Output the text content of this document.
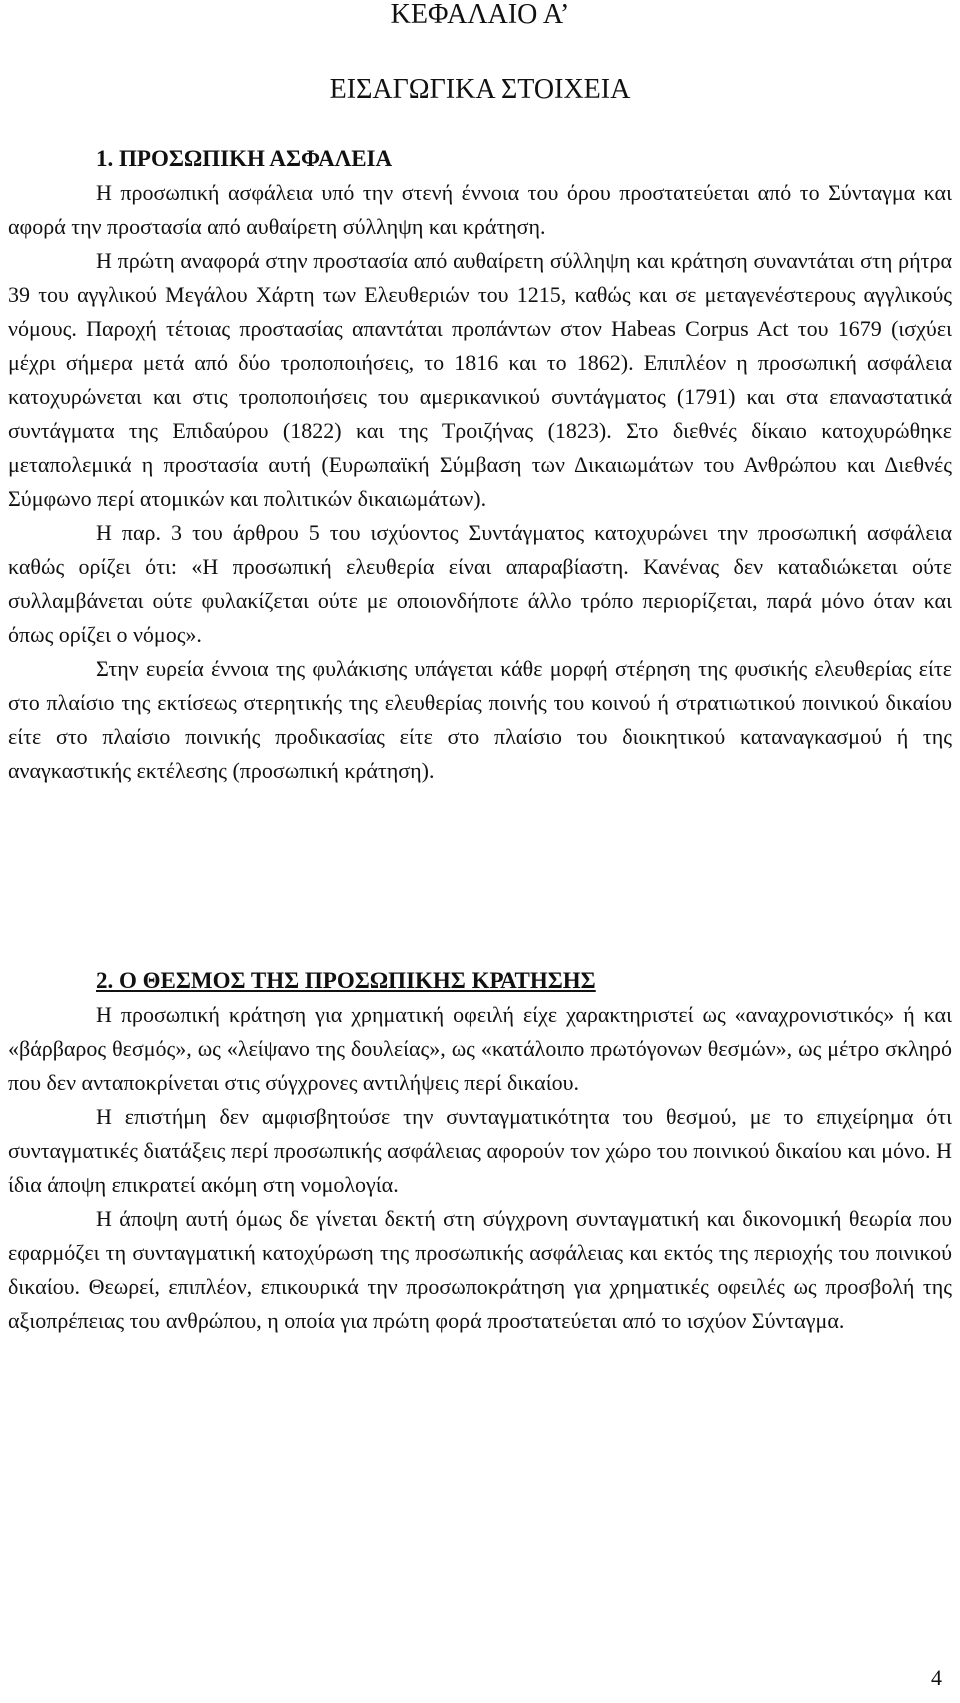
ΚΕΦΑΛΑΙΟ Α’
ΕΙΣΑΓΩΓΙΚΑ ΣΤΟΙΧΕΙΑ
1. ΠΡΟΣΩΠΙΚΗ ΑΣΦΑΛΕΙΑ

Η προσωπική ασφάλεια υπό την στενή έννοια του όρου προστατεύεται από το Σύνταγμα και αφορά την προστασία από αυθαίρετη σύλληψη και κράτηση.

Η πρώτη αναφορά στην προστασία από αυθαίρετη σύλληψη και κράτηση συναντάται στη ρήτρα 39 του αγγλικού Μεγάλου Χάρτη των Ελευθεριών του 1215, καθώς και σε μεταγενέστερους αγγλικούς νόμους. Παροχή τέτοιας προστασίας απαντάται προπάντων στον Habeas Corpus Act του 1679 (ισχύει μέχρι σήμερα μετά από δύο τροποποιήσεις, το 1816 και το 1862). Επιπλέον η προσωπική ασφάλεια κατοχυρώνεται και στις τροποποιήσεις του αμερικανικού συντάγματος (1791) και στα επαναστατικά συντάγματα της Επιδαύρου (1822) και της Τροιζήνας (1823). Στο διεθνές δίκαιο κατοχυρώθηκε μεταπολεμικά η προστασία αυτή (Ευρωπαϊκή Σύμβαση των Δικαιωμάτων του Ανθρώπου και Διεθνές Σύμφωνο περί ατομικών και πολιτικών δικαιωμάτων).

Η παρ. 3 του άρθρου 5 του ισχύοντος Συντάγματος κατοχυρώνει την προσωπική ασφάλεια καθώς ορίζει ότι: «Η προσωπική ελευθερία είναι απαραβίαστη. Κανένας δεν καταδιώκεται ούτε συλλαμβάνεται ούτε φυλακίζεται ούτε με οποιονδήποτε άλλο τρόπο περιορίζεται, παρά μόνο όταν και όπως ορίζει ο νόμος».

Στην ευρεία έννοια της φυλάκισης υπάγεται κάθε μορφή στέρηση της φυσικής ελευθερίας είτε στο πλαίσιο της εκτίσεως στερητικής της ελευθερίας ποινής του κοινού ή στρατιωτικού ποινικού δικαίου είτε στο πλαίσιο ποινικής προδικασίας είτε στο πλαίσιο του διοικητικού καταναγκασμού ή της αναγκαστικής εκτέλεσης (προσωπική κράτηση).

2. Ο ΘΕΣΜΟΣ ΤΗΣ ΠΡΟΣΩΠΙΚΗΣ ΚΡΑΤΗΣΗΣ

Η προσωπική κράτηση για χρηματική οφειλή είχε χαρακτηριστεί ως «αναχρονιστικός» ή και «βάρβαρος θεσμός», ως «λείψανο της δουλείας», ως «κατάλοιπο πρωτόγονων θεσμών», ως μέτρο σκληρό που δεν ανταποκρίνεται στις σύγχρονες αντιλήψεις περί δικαίου.

Η επιστήμη δεν αμφισβητούσε την συνταγματικότητα του θεσμού, με το επιχείρημα ότι συνταγματικές διατάξεις περί προσωπικής ασφάλειας αφορούν τον χώρο του ποινικού δικαίου και μόνο. Η ίδια άποψη επικρατεί ακόμη στη νομολογία.

Η άποψη αυτή όμως δε γίνεται δεκτή στη σύγχρονη συνταγματική και δικονομική θεωρία που εφαρμόζει τη συνταγματική κατοχύρωση της προσωπικής ασφάλειας και εκτός της περιοχής του ποινικού δικαίου. Θεωρεί, επιπλέον, επικουρικά την προσωποκράτηση για χρηματικές οφειλές ως προσβολή της αξιοπρέπειας του ανθρώπου, η οποία για πρώτη φορά προστατεύεται από το ισχύον Σύνταγμα.

4
